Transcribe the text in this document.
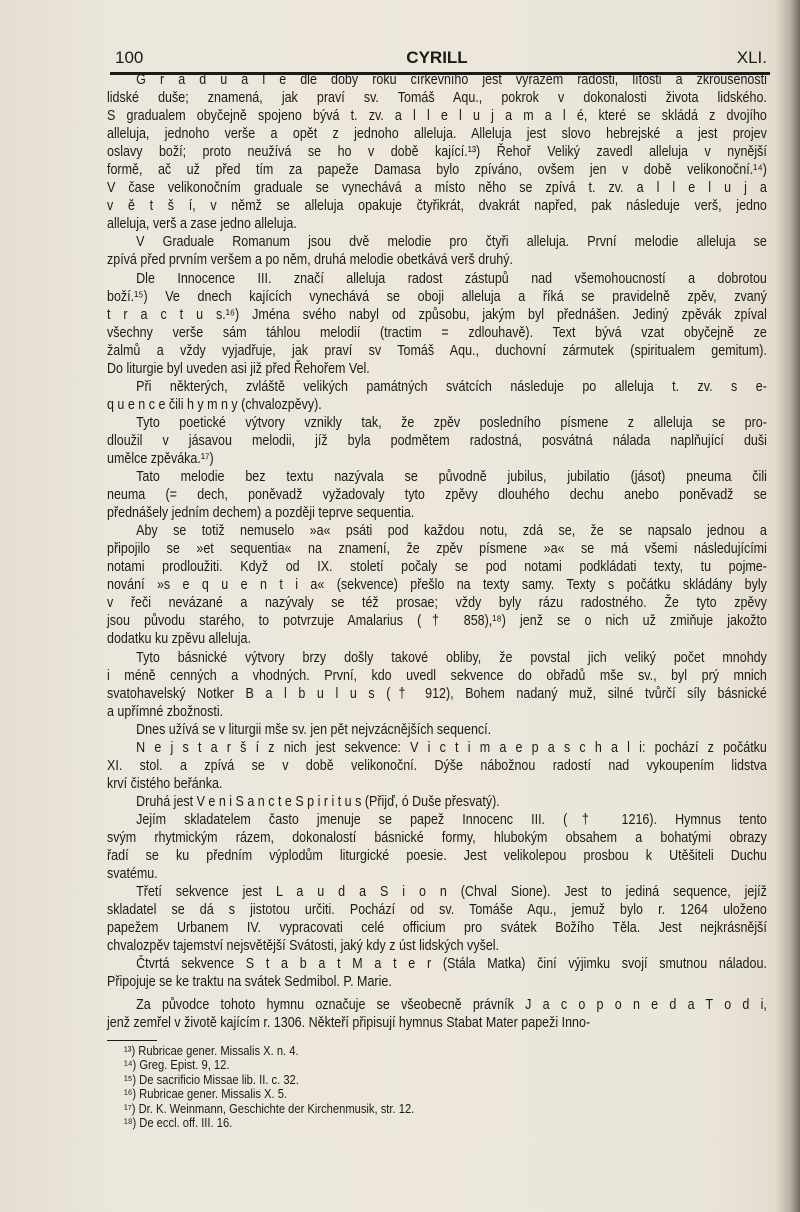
100	CYRILL	XLI.
G r a d u a l e dle doby roku církevního jest výrazem radosti, lítosti a zkroušenosti
lidské duše; znamená, jak praví sv. Tomáš Aqu., pokrok v dokonalosti života lidského.
S gradualem obyčejně spojeno bývá t. zv. a l l e l u j a m a l é, které se skládá z dvojího
alleluja, jednoho verše a opět z jednoho alleluja. Alleluja jest slovo hebrejské a jest projev
oslavy boží; proto neužívá se ho v době kající.¹³) Řehoř Veliký zavedl alleluja v nynější
formě, ač už před tím za papeže Damasa bylo zpíváno, ovšem jen v době velikonoční.¹⁴)
V čase velikonočním graduale se vynechává a místo něho se zpívá t. zv. a l l e l u j a
v ě t š í, v němž se alleluja opakuje čtyřikrát, dvakrát napřed, pak následuje verš, jedno
alleluja, verš a zase jedno alleluja.
V Graduale Romanum jsou dvě melodie pro čtyři alleluja. První melodie alleluja se
zpívá před prvním veršem a po něm, druhá melodie obetkává verš druhý.
Dle Innocence III. značí alleluja radost zástupů nad všemohoucností a dobrotou
boží.¹⁵) Ve dnech kajících vynechává se oboji alleluja a říká se pravidelně zpěv, zvaný
t r a c t u s.¹⁶) Jména svého nabyl od způsobu, jakým byl přednášen. Jediný zpěvák zpíval
všechny verše sám táhlou melodií (tractim = zdlouhavě). Text bývá vzat obyčejně ze
žalmů a vždy vyjadřuje, jak praví sv Tomáš Aqu., duchovní zármutek (spiritualem gemitum).
Do liturgie byl uveden asi již před Řehořem Vel.
Při některých, zvláště velikých památných svátcích následuje po alleluja t. zv. s e-
q u e n c e čili h y m n y (chvalozpěvy).
Tyto poetické výtvory vznikly tak, že zpěv posledního písmene z alleluja se pro-
dloužil v jásavou melodii, jíž byla podmětem radostná, posvátná nálada naplňující duši
umělce zpěváka.¹⁷)
Tato melodie bez textu nazývala se původně jubilus, jubilatio (jásot) pneuma čili
neuma (= dech, poněvadž vyžadovaly tyto zpěvy dlouhého dechu anebo poněvadž se
přednášely jedním dechem) a později teprve sequentia.
Aby se totiž nemuselo »a« psáti pod každou notu, zdá se, že se napsalo jednou a
připojilo se »et sequentia« na znamení, že zpěv písmene »a« se má všemi následujícími
notami prodloužiti. Když od IX. století počaly se pod notami podkládati texty, tu pojme-
nování »s e q u e n t i a« (sekvence) přešlo na texty samy. Texty s počátku skládány byly
v řeči nevázané a nazývaly se též prosae; vždy byly rázu radostného. Že tyto zpěvy
jsou původu starého, to potvrzuje Amalarius († 858),¹⁸) jenž se o nich už zmiňuje jakožto
dodatku ku zpěvu alleluja.
Tyto básnické výtvory brzy došly takové obliby, že povstal jich veliký počet mnohdy
i méně cenných a vhodných. První, kdo uvedl sekvence do obřadů mše sv., byl prý mnich
svatohavelský Notker B a l b u l u s († 912), Bohem nadaný muž, silné tvůrčí síly básnické
a upřímné zbožnosti.
Dnes užívá se v liturgii mše sv. jen pět nejvzácnějších sequencí.
N e j s t a r š í z nich jest sekvence: V i c t i m a e p a s c h a l i: pochází z počátku
XI. stol. a zpívá se v době velikonoční. Dýše nábožnou radostí nad vykoupením lidstva
krví čistého beřánka.
Druhá jest V e n i S a n c t e S p i r i t u s (Přijď, ó Duše přesvatý).
Jejím skladatelem často jmenuje se papež Innocenc III. († 1216). Hymnus tento
svým rhytmickým rázem, dokonalostí básnické formy, hlubokým obsahem a bohatými obrazy
řadí se ku předním výplodům liturgické poesie. Jest velikolepou prosbou k Utěšiteli Duchu
svatému.
Třetí sekvence jest L a u d a S i o n (Chval Sione). Jest to jediná sequence, jejíž
skladatel se dá s jistotou určiti. Pochází od sv. Tomáše Aqu., jemuž bylo r. 1264 uloženo
papežem Urbanem IV. vypracovati celé officium pro svátek Božího Těla. Jest nejkrásnější
chvalozpěv tajemství nejsvětější Svátosti, jaký kdy z úst lidských vyšel.
Čtvrtá sekvence S t a b a t M a t e r (Stála Matka) činí výjimku svojí smutnou náladou.
Připojuje se ke traktu na svátek Sedmibol. P. Marie.
Za původce tohoto hymnu označuje se všeobecně právník J a c o p o n e d a T o d i,
jenž zemřel v životě kajícím r. 1306. Někteří připisují hymnus Stabat Mater papeži Inno-
¹³) Rubricae gener. Missalis X. n. 4.
¹⁴) Greg. Epist. 9, 12.
¹⁵) De sacrificio Missae lib. II. c. 32.
¹⁶) Rubricae gener. Missalis X. 5.
¹⁷) Dr. K. Weinmann, Geschichte der Kirchenmusik, str. 12.
¹⁸) De eccl. off. III. 16.
